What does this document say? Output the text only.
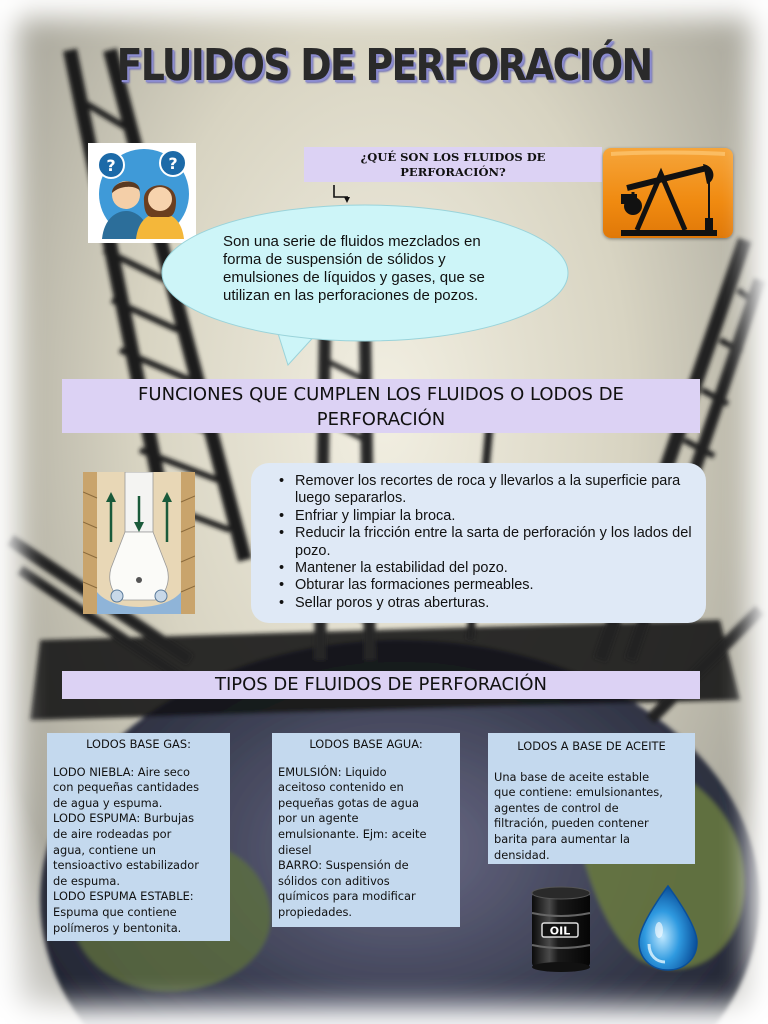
FLUIDOS DE PERFORACIÓN
?	?	¿QUÉ SON LOS FLUIDOS DE
PERFORACIÓN?
Son una serie de fluidos mezclados en
forma de suspensión de sólidos y
emulsiones de líquidos y gases, que se
utilizan en las perforaciones de pozos.
FUNCIONES QUE CUMPLEN LOS FLUIDOS O LODOS DE
PERFORACIÓN
• Remover los recortes de roca y llevarlos a la superficie para luego separarlos.
• Enfriar y limpiar la broca.
• Reducir la fricción entre la sarta de perforación y los lados del pozo.
• Mantener la estabilidad del pozo.
• Obturar las formaciones permeables.
• Sellar poros y otras aberturas.
TIPOS DE FLUIDOS DE PERFORACIÓN
LODOS BASE GAS:
LODO NIEBLA: Aire seco
con pequeñas cantidades
de agua y espuma.
LODO ESPUMA: Burbujas
de aire rodeadas por
agua, contiene un
tensioactivo estabilizador
de espuma.
LODO ESPUMA ESTABLE:
Espuma que contiene
polímeros y bentonita.
LODOS BASE AGUA:
EMULSIÓN: Liquido
aceitoso contenido en
pequeñas gotas de agua
por un agente
emulsionante. Ejm: aceite
diesel
BARRO: Suspensión de
sólidos con aditivos
químicos para modificar
propiedades.
LODOS A BASE DE ACEITE
Una base de aceite estable
que contiene: emulsionantes,
agentes de control de
filtración, pueden contener
barita para aumentar la
densidad.
OIL
